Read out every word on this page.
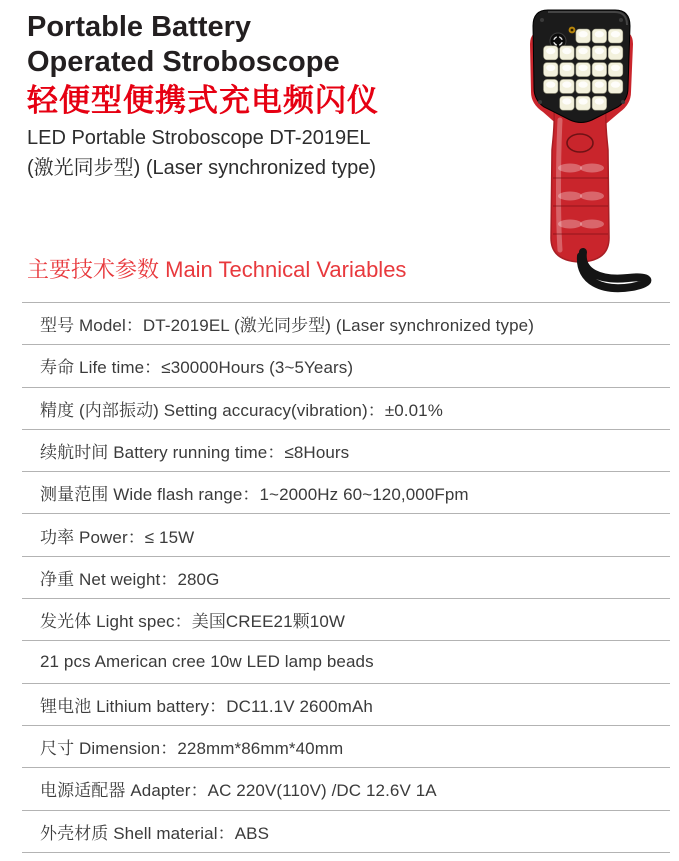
Portable Battery
Operated Stroboscope
轻便型便携式充电频闪仪
LED Portable Stroboscope DT-2019EL
(激光同步型) (Laser synchronized type)
主要技术参数 Main Technical Variables
型号 Model：DT-2019EL (激光同步型) (Laser synchronized type)
寿命 Life time：≤30000Hours (3~5Years)
精度 (内部振动) Setting accuracy(vibration)：±0.01%
续航时间 Battery running time：≤8Hours
测量范围 Wide flash range：1~2000Hz 60~120,000Fpm
功率 Power：≤ 15W
净重 Net weight：280G
发光体 Light spec：美国CREE21颗10W
21 pcs American cree 10w LED lamp beads
锂电池 Lithium battery：DC11.1V 2600mAh
尺寸 Dimension：228mm*86mm*40mm
电源适配器 Adapter：AC 220V(110V) /DC 12.6V 1A
外壳材质 Shell material：ABS
